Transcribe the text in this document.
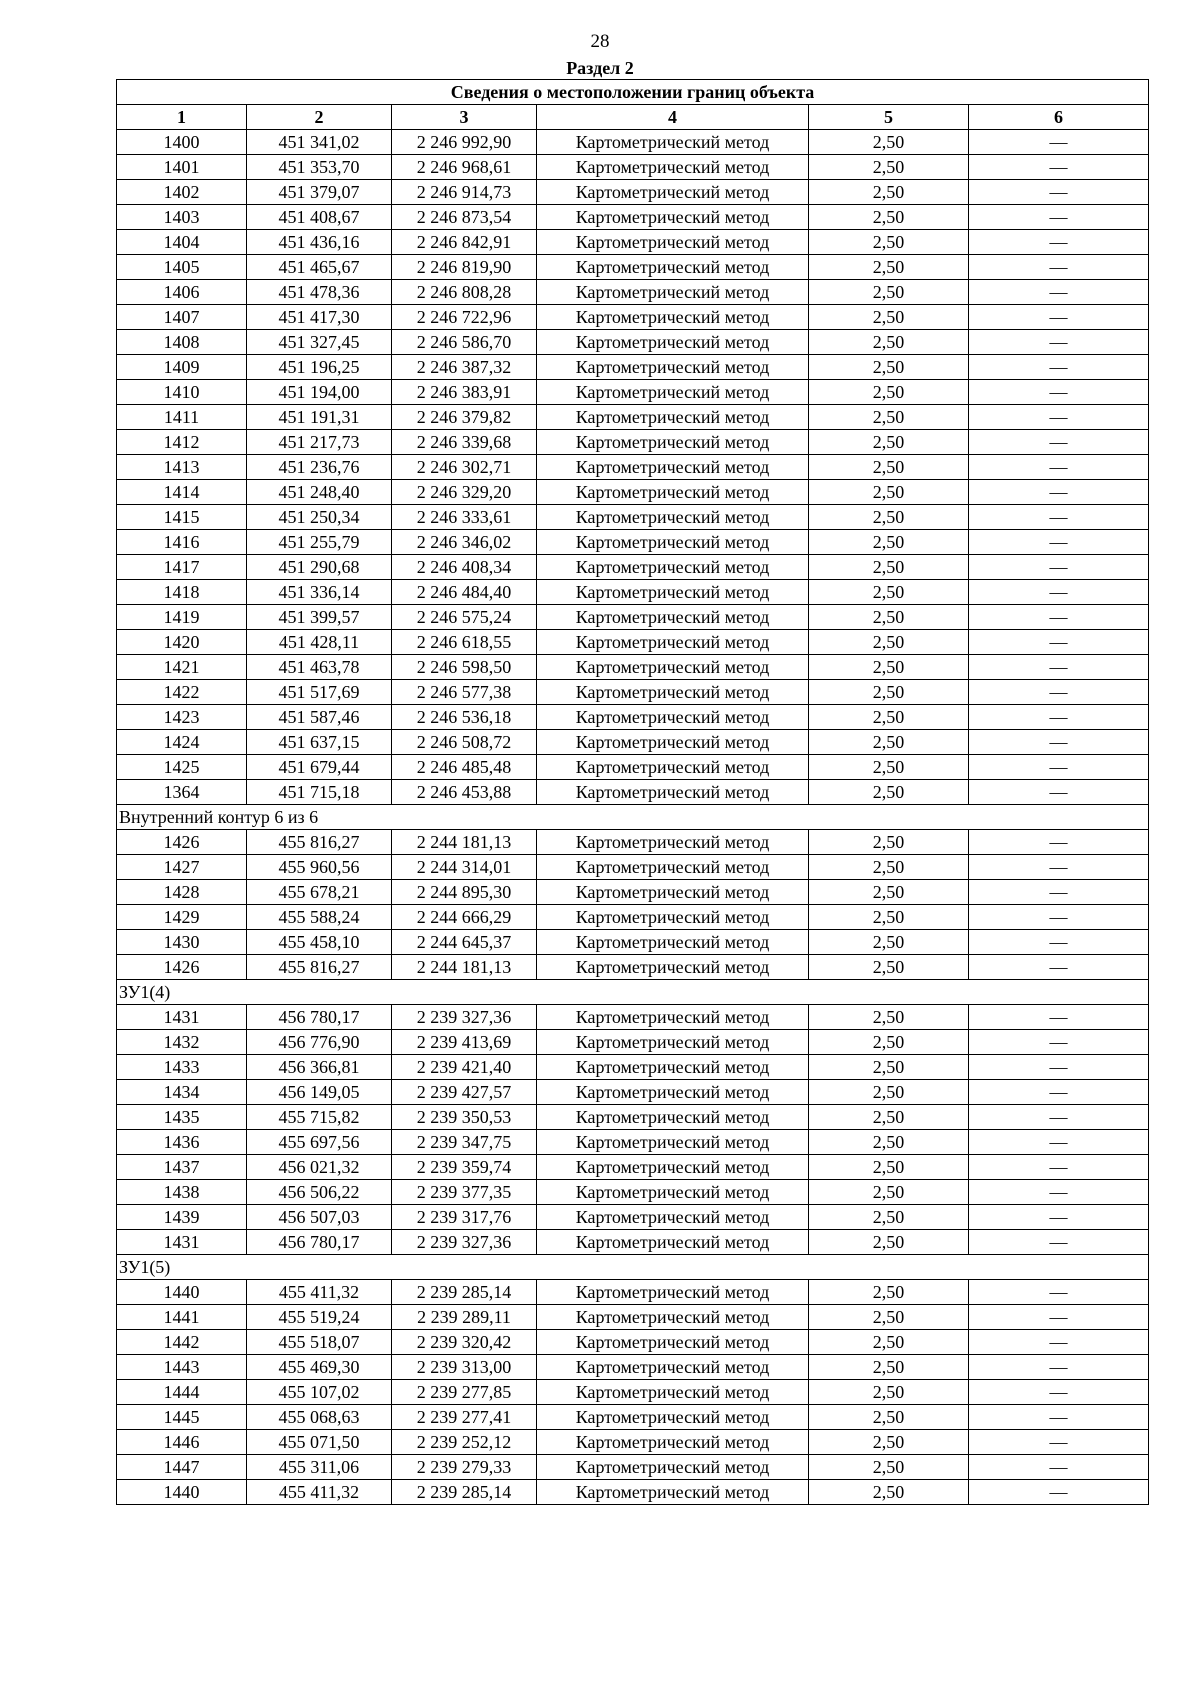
28
Раздел 2
Сведения о местоположении границ объекта					
1	2	3	4	5	6
1400	451 341,02	2 246 992,90	Картометрический метод	2,50	—
1401	451 353,70	2 246 968,61	Картометрический метод	2,50	—
1402	451 379,07	2 246 914,73	Картометрический метод	2,50	—
1403	451 408,67	2 246 873,54	Картометрический метод	2,50	—
1404	451 436,16	2 246 842,91	Картометрический метод	2,50	—
1405	451 465,67	2 246 819,90	Картометрический метод	2,50	—
1406	451 478,36	2 246 808,28	Картометрический метод	2,50	—
1407	451 417,30	2 246 722,96	Картометрический метод	2,50	—
1408	451 327,45	2 246 586,70	Картометрический метод	2,50	—
1409	451 196,25	2 246 387,32	Картометрический метод	2,50	—
1410	451 194,00	2 246 383,91	Картометрический метод	2,50	—
1411	451 191,31	2 246 379,82	Картометрический метод	2,50	—
1412	451 217,73	2 246 339,68	Картометрический метод	2,50	—
1413	451 236,76	2 246 302,71	Картометрический метод	2,50	—
1414	451 248,40	2 246 329,20	Картометрический метод	2,50	—
1415	451 250,34	2 246 333,61	Картометрический метод	2,50	—
1416	451 255,79	2 246 346,02	Картометрический метод	2,50	—
1417	451 290,68	2 246 408,34	Картометрический метод	2,50	—
1418	451 336,14	2 246 484,40	Картометрический метод	2,50	—
1419	451 399,57	2 246 575,24	Картометрический метод	2,50	—
1420	451 428,11	2 246 618,55	Картометрический метод	2,50	—
1421	451 463,78	2 246 598,50	Картометрический метод	2,50	—
1422	451 517,69	2 246 577,38	Картометрический метод	2,50	—
1423	451 587,46	2 246 536,18	Картометрический метод	2,50	—
1424	451 637,15	2 246 508,72	Картометрический метод	2,50	—
1425	451 679,44	2 246 485,48	Картометрический метод	2,50	—
1364	451 715,18	2 246 453,88	Картометрический метод	2,50	—
Внутренний контур 6 из 6					
1426	455 816,27	2 244 181,13	Картометрический метод	2,50	—
1427	455 960,56	2 244 314,01	Картометрический метод	2,50	—
1428	455 678,21	2 244 895,30	Картометрический метод	2,50	—
1429	455 588,24	2 244 666,29	Картометрический метод	2,50	—
1430	455 458,10	2 244 645,37	Картометрический метод	2,50	—
1426	455 816,27	2 244 181,13	Картометрический метод	2,50	—
ЗУ1(4)					
1431	456 780,17	2 239 327,36	Картометрический метод	2,50	—
1432	456 776,90	2 239 413,69	Картометрический метод	2,50	—
1433	456 366,81	2 239 421,40	Картометрический метод	2,50	—
1434	456 149,05	2 239 427,57	Картометрический метод	2,50	—
1435	455 715,82	2 239 350,53	Картометрический метод	2,50	—
1436	455 697,56	2 239 347,75	Картометрический метод	2,50	—
1437	456 021,32	2 239 359,74	Картометрический метод	2,50	—
1438	456 506,22	2 239 377,35	Картометрический метод	2,50	—
1439	456 507,03	2 239 317,76	Картометрический метод	2,50	—
1431	456 780,17	2 239 327,36	Картометрический метод	2,50	—
ЗУ1(5)					
1440	455 411,32	2 239 285,14	Картометрический метод	2,50	—
1441	455 519,24	2 239 289,11	Картометрический метод	2,50	—
1442	455 518,07	2 239 320,42	Картометрический метод	2,50	—
1443	455 469,30	2 239 313,00	Картометрический метод	2,50	—
1444	455 107,02	2 239 277,85	Картометрический метод	2,50	—
1445	455 068,63	2 239 277,41	Картометрический метод	2,50	—
1446	455 071,50	2 239 252,12	Картометрический метод	2,50	—
1447	455 311,06	2 239 279,33	Картометрический метод	2,50	—
1440	455 411,32	2 239 285,14	Картометрический метод	2,50	—
